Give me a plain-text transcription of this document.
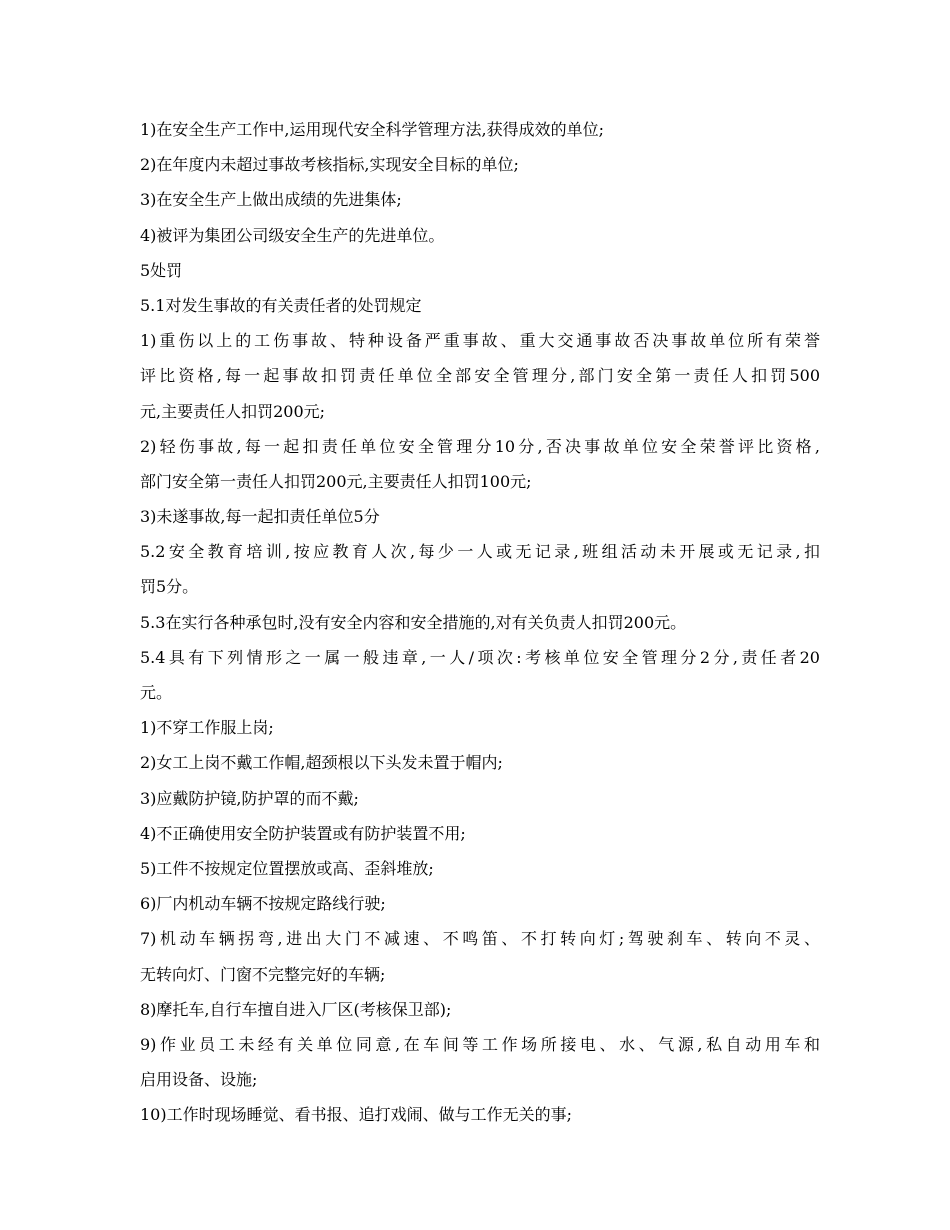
1)在安全生产工作中,运用现代安全科学管理方法,获得成效的单位;
2)在年度内未超过事故考核指标,实现安全目标的单位;
3)在安全生产上做出成绩的先进集体;
4)被评为集团公司级安全生产的先进单位。
5处罚
5.1对发生事故的有关责任者的处罚规定
1)重伤以上的工伤事故、特种设备严重事故、重大交通事故否决事故单位所有荣誉
评比资格,每一起事故扣罚责任单位全部安全管理分,部门安全第一责任人扣罚500
元,主要责任人扣罚200元;
2)轻伤事故,每一起扣责任单位安全管理分10分,否决事故单位安全荣誉评比资格,
部门安全第一责任人扣罚200元,主要责任人扣罚100元;
3)未遂事故,每一起扣责任单位5分
5.2安全教育培训,按应教育人次,每少一人或无记录,班组活动未开展或无记录,扣
罚5分。
5.3在实行各种承包时,没有安全内容和安全措施的,对有关负责人扣罚200元。
5.4具有下列情形之一属一般违章,一人/项次:考核单位安全管理分2分,责任者20
元。
1)不穿工作服上岗;
2)女工上岗不戴工作帽,超颈根以下头发未置于帽内;
3)应戴防护镜,防护罩的而不戴;
4)不正确使用安全防护装置或有防护装置不用;
5)工件不按规定位置摆放或高、歪斜堆放;
6)厂内机动车辆不按规定路线行驶;
7)机动车辆拐弯,进出大门不减速、不鸣笛、不打转向灯;驾驶刹车、转向不灵、
无转向灯、门窗不完整完好的车辆;
8)摩托车,自行车擅自进入厂区(考核保卫部);
9)作业员工未经有关单位同意,在车间等工作场所接电、水、气源,私自动用车和
启用设备、设施;
10)工作时现场睡觉、看书报、追打戏闹、做与工作无关的事;
